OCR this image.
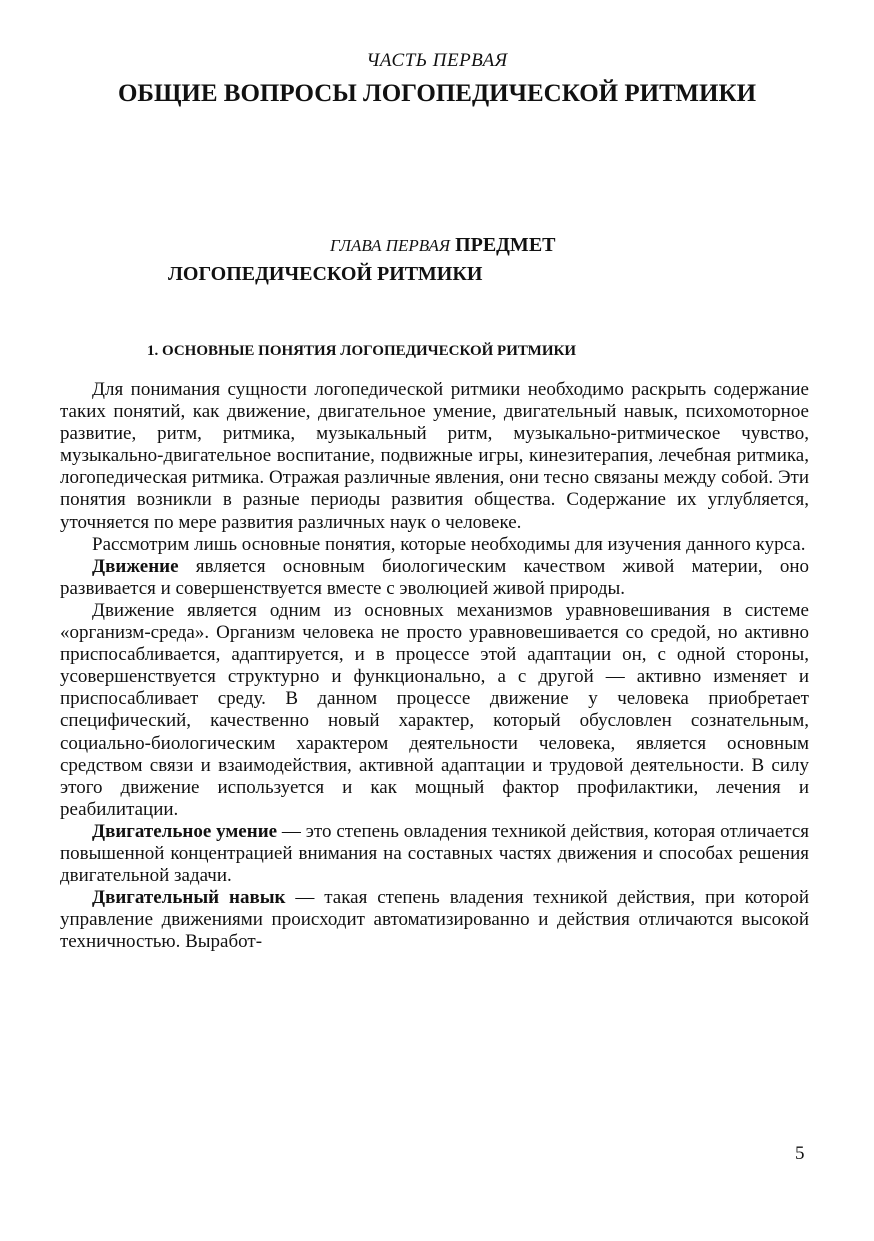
ЧАСТЬ ПЕРВАЯ
ОБЩИЕ ВОПРОСЫ ЛОГОПЕДИЧЕСКОЙ РИТМИКИ
ГЛАВА ПЕРВАЯ ПРЕДМЕТ
ЛОГОПЕДИЧЕСКОЙ РИТМИКИ
1. ОСНОВНЫЕ ПОНЯТИЯ ЛОГОПЕДИЧЕСКОЙ РИТМИКИ

Для понимания сущности логопедической ритмики необходимо раскрыть содержание таких понятий, как движение, двигательное умение, двигательный навык, психомоторное развитие, ритм, ритмика, музыкальный ритм, музыкально-ритмическое чувство, музыкально-двигательное воспитание, подвижные игры, кинезитерапия, лечебная ритмика, логопедическая ритмика. Отражая различные явления, они тесно связаны между собой. Эти понятия возникли в разные периоды развития общества. Содержание их углубляется, уточняется по мере развития различных наук о человеке.

Рассмотрим лишь основные понятия, которые необходимы для изучения данного курса.

Движение является основным биологическим качеством живой материи, оно развивается и совершенствуется вместе с эволюцией живой природы.

Движение является одним из основных механизмов уравновешивания в системе «организм-среда». Организм человека не просто уравновешивается со средой, но активно приспосабливается, адаптируется, и в процессе этой адаптации он, с одной стороны, усовершенствуется структурно и функционально, а с другой — активно изменяет и приспосабливает среду. В данном процессе движение у человека приобретает специфический, качественно новый характер, который обусловлен сознательным, социально-биологическим характером деятельности человека, является основным средством связи и взаимодействия, активной адаптации и трудовой деятельности. В силу этого движение используется и как мощный фактор профилактики, лечения и реабилитации.

Двигательное умение — это степень овладения техникой действия, которая отличается повышенной концентрацией внимания на составных частях движения и способах решения двигательной задачи.

Двигательный навык — такая степень владения техникой действия, при которой управление движениями происходит автоматизированно и действия отличаются высокой техничностью. Выработ-

5
